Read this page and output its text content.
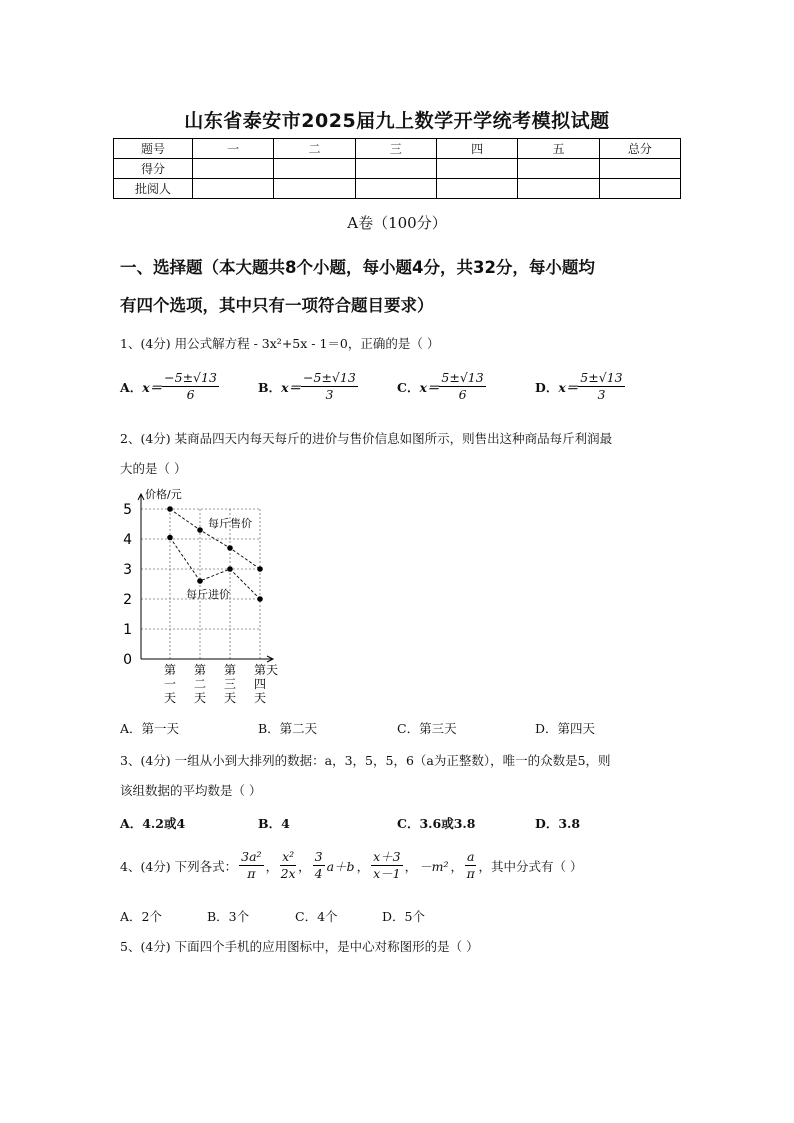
山东省泰安市2025届九上数学开学统考模拟试题
题号	一	二	三	四	五	总分
得分						
批阅人						
A卷（100分）
一、选择题（本大题共8个小题，每小题4分，共32分，每小题均
有四个选项，其中只有一项符合题目要求）
1、(4分) 用公式解方程 - 3x²+5x - 1＝0，正确的是（ ）
A． $x= \frac{-5\pm√13}{6}$	B． $x= \frac{-5\pm√13}{3}$	C． $x= \frac{5\pm√13}{6}$	D． $x= \frac{5\pm√13}{3}$
2、(4分) 某商品四天内每天每斤的进价与售价信息如图所示，则售出这种商品每斤利润最
大的是（ ）
0
1
2
3
4
5
价格/元
天
第
一
天
第
二
天
第
三
天
第
四
天
每斤售价
每斤进价
A．第一天	B．第二天	C．第三天	D．第四天
3、(4分) 一组从小到大排列的数据：a，3，5，5，6（a为正整数），唯一的众数是5，则
该组数据的平均数是（ ）
A．4.2或4	B．4	C．3.6或3.8	D．3.8
4、(4分) 下列各式： $\frac{\text{3a²}}{\pi}$ ， $\frac{\text{x²}}{2x}$ ， $\frac{3}{4} a+b$ ， $\frac{x+3}{x-1}$ ， －m² ， $\frac{a}{\pi}$ ，其中分式有（ ）
A．2个	B．3个	C．4个	D．5个
5、(4分) 下面四个手机的应用图标中，是中心对称图形的是（ ）
